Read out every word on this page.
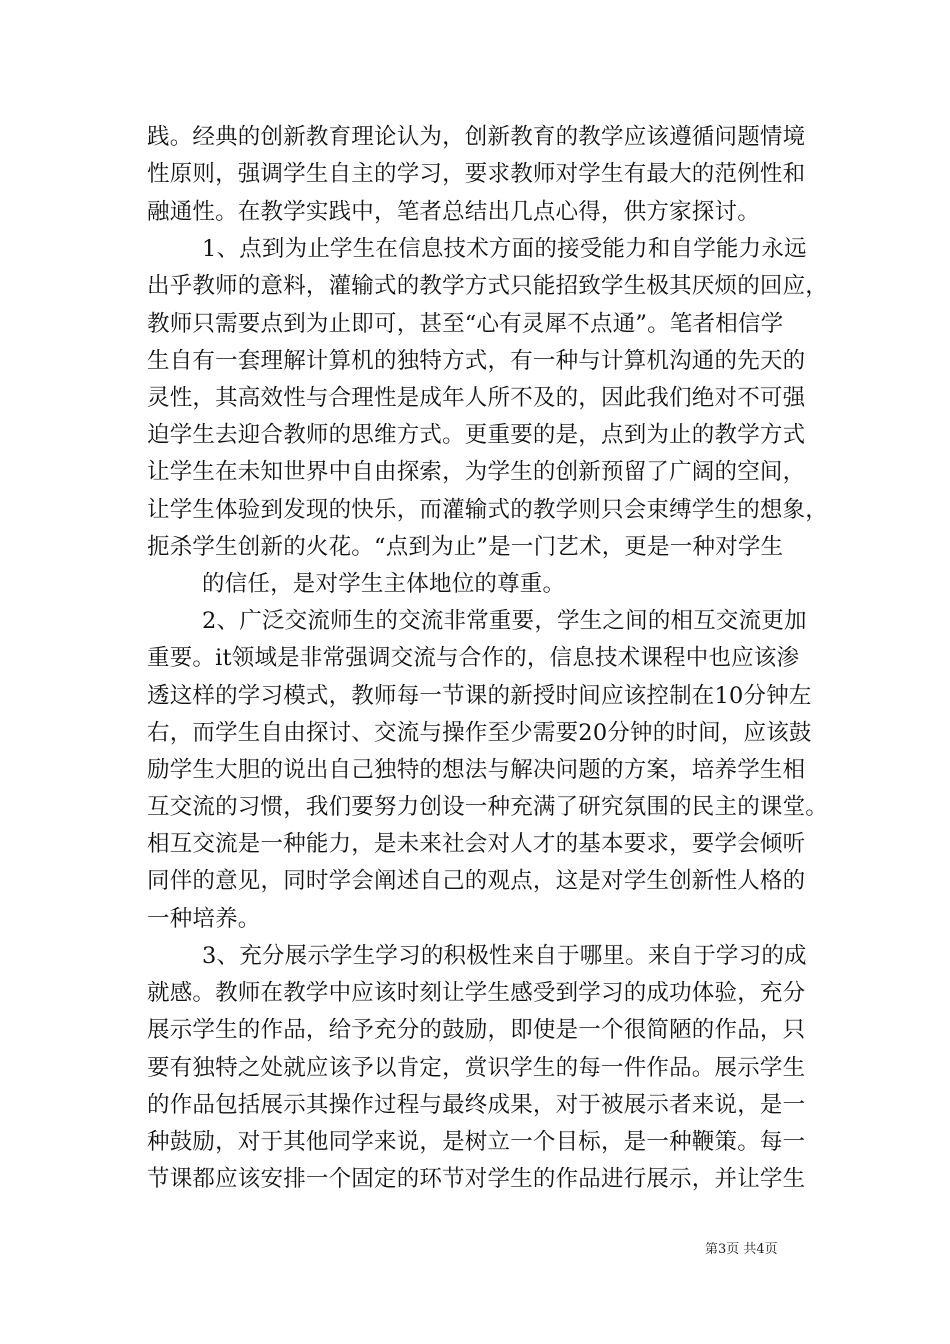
践。经典的创新教育理论认为，创新教育的教学应该遵循问题情境
性原则，强调学生自主的学习，要求教师对学生有最大的范例性和
融通性。在教学实践中，笔者总结出几点心得，供方家探讨。
1、点到为止学生在信息技术方面的接受能力和自学能力永远
出乎教师的意料，灌输式的教学方式只能招致学生极其厌烦的回应，
教师只需要点到为止即可，甚至“心有灵犀不点通”。笔者相信学
生自有一套理解计算机的独特方式，有一种与计算机沟通的先天的
灵性，其高效性与合理性是成年人所不及的，因此我们绝对不可强
迫学生去迎合教师的思维方式。更重要的是，点到为止的教学方式
让学生在未知世界中自由探索，为学生的创新预留了广阔的空间，
让学生体验到发现的快乐，而灌输式的教学则只会束缚学生的想象，
扼杀学生创新的火花。“点到为止”是一门艺术，更是一种对学生
的信任，是对学生主体地位的尊重。
2、广泛交流师生的交流非常重要，学生之间的相互交流更加
重要。it领域是非常强调交流与合作的，信息技术课程中也应该渗
透这样的学习模式，教师每一节课的新授时间应该控制在10分钟左
右，而学生自由探讨、交流与操作至少需要20分钟的时间，应该鼓
励学生大胆的说出自己独特的想法与解决问题的方案，培养学生相
互交流的习惯，我们要努力创设一种充满了研究氛围的民主的课堂。
相互交流是一种能力，是未来社会对人才的基本要求，要学会倾听
同伴的意见，同时学会阐述自己的观点，这是对学生创新性人格的
一种培养。
3、充分展示学生学习的积极性来自于哪里。来自于学习的成
就感。教师在教学中应该时刻让学生感受到学习的成功体验，充分
展示学生的作品，给予充分的鼓励，即使是一个很简陋的作品，只
要有独特之处就应该予以肯定，赏识学生的每一件作品。展示学生
的作品包括展示其操作过程与最终成果，对于被展示者来说，是一
种鼓励，对于其他同学来说，是树立一个目标，是一种鞭策。每一
节课都应该安排一个固定的环节对学生的作品进行展示，并让学生
第3页 共4页
